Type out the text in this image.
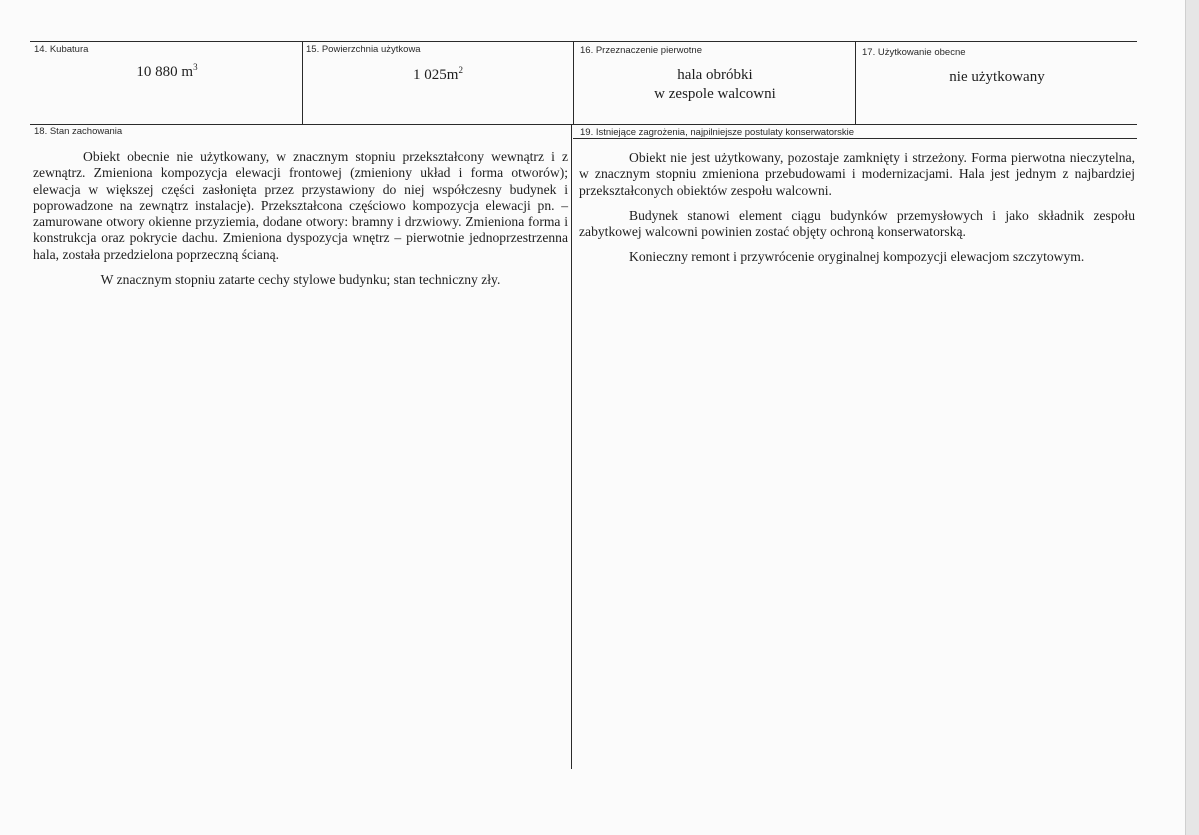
14. Kubatura
10 880 $m^3$
15. Powierzchnia użytkowa
1 $025m^2$
16. Przeznaczenie pierwotne
hala obróbki
w zespole walcowni
17. Użytkowanie obecne
nie użytkowany
18. Stan zachowania

Obiekt obecnie nie użytkowany, w znacznym stopniu przekształcony wewnątrz i z zewnątrz. Zmieniona kompozycja elewacji frontowej (zmieniony układ i forma otworów); elewacja w większej części zasłonięta przez przystawiony do niej współczesny budynek i poprowadzone na zewnątrz instalacje). Przekształcona częściowo kompozycja elewacji pn. – zamurowane otwory okienne przyziemia, dodane otwory: bramny i drzwiowy. Zmieniona forma i konstrukcja oraz pokrycie dachu. Zmieniona dyspozycja wnętrz – pierwotnie jednoprzestrzenna hala, została przedzielona poprzeczną ścianą.

W znacznym stopniu zatarte cechy stylowe budynku; stan techniczny zły.

19. Istniejące zagrożenia, najpilniejsze postulaty konserwatorskie

Obiekt nie jest użytkowany, pozostaje zamknięty i strzeżony. Forma pierwotna nieczytelna, w znacznym stopniu zmieniona przebudowami i modernizacjami. Hala jest jednym z najbardziej przekształconych obiektów zespołu walcowni.

Budynek stanowi element ciągu budynków przemysłowych i jako składnik zespołu zabytkowej walcowni powinien zostać objęty ochroną konserwatorską.

Konieczny remont i przywrócenie oryginalnej kompozycji elewacjom szczytowym.
